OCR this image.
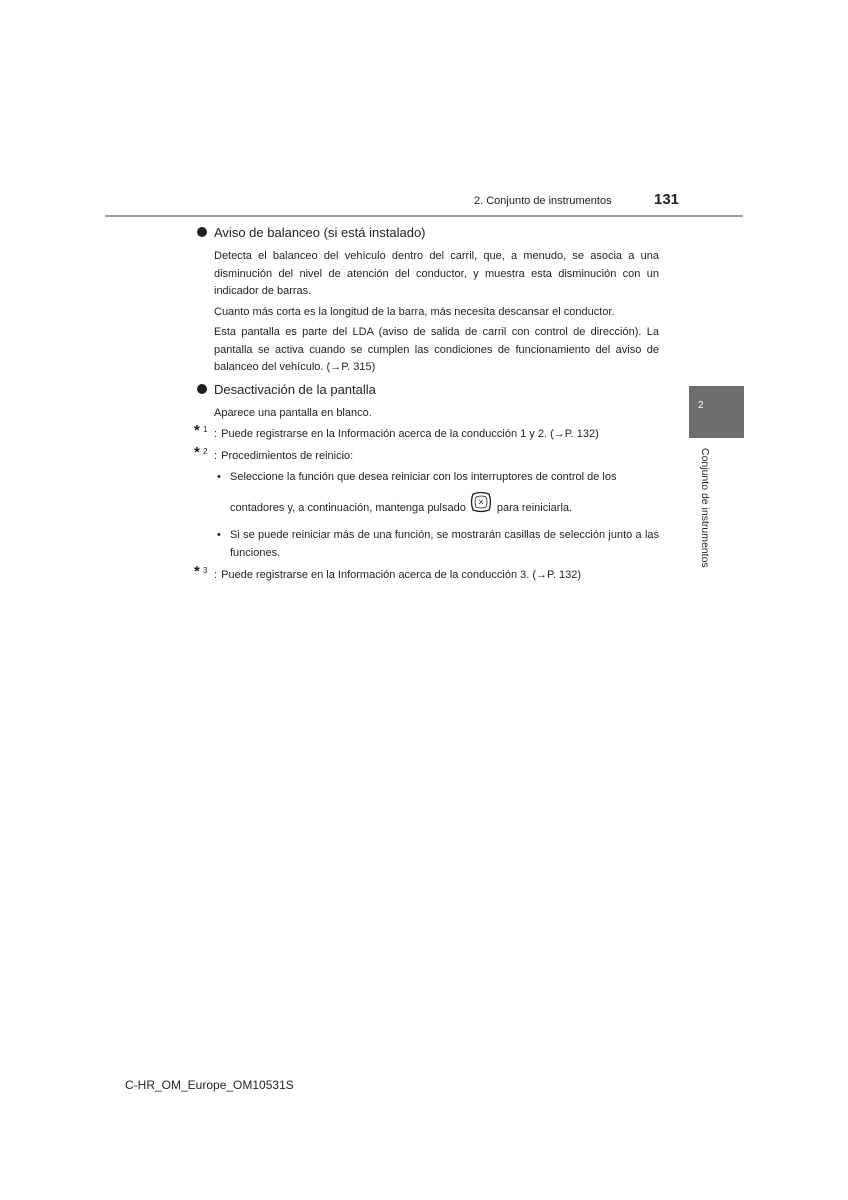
2. Conjunto de instrumentos	131
Aviso de balanceo (si está instalado)

Detecta el balanceo del vehículo dentro del carril, que, a menudo, se asocia a una disminución del nivel de atención del conductor, y muestra esta disminución con un indicador de barras.

Cuanto más corta es la longitud de la barra, más necesita descansar el conductor.

Esta pantalla es parte del LDA (aviso de salida de carril con control de dirección). La pantalla se activa cuando se cumplen las condiciones de funcionamiento del aviso de balanceo del vehículo. (→P. 315)

Desactivación de la pantalla

Aparece una pantalla en blanco.

* 1 : Puede registrarse en la Información acerca de la conducción 1 y 2. (→P. 132)
* 2 : Procedimientos de reinicio:
• Seleccione la función que desea reiniciar con los interruptores de control de los
contadores y, a continuación, mantenga pulsado	para reiniciarla.
• Si se puede reiniciar más de una función, se mostrarán casillas de selección junto a las funciones.
* 3 : Puede registrarse en la Información acerca de la conducción 3. (→P. 132)
2
Conjunto de instrumentos
C-HR_OM_Europe_OM10531S
